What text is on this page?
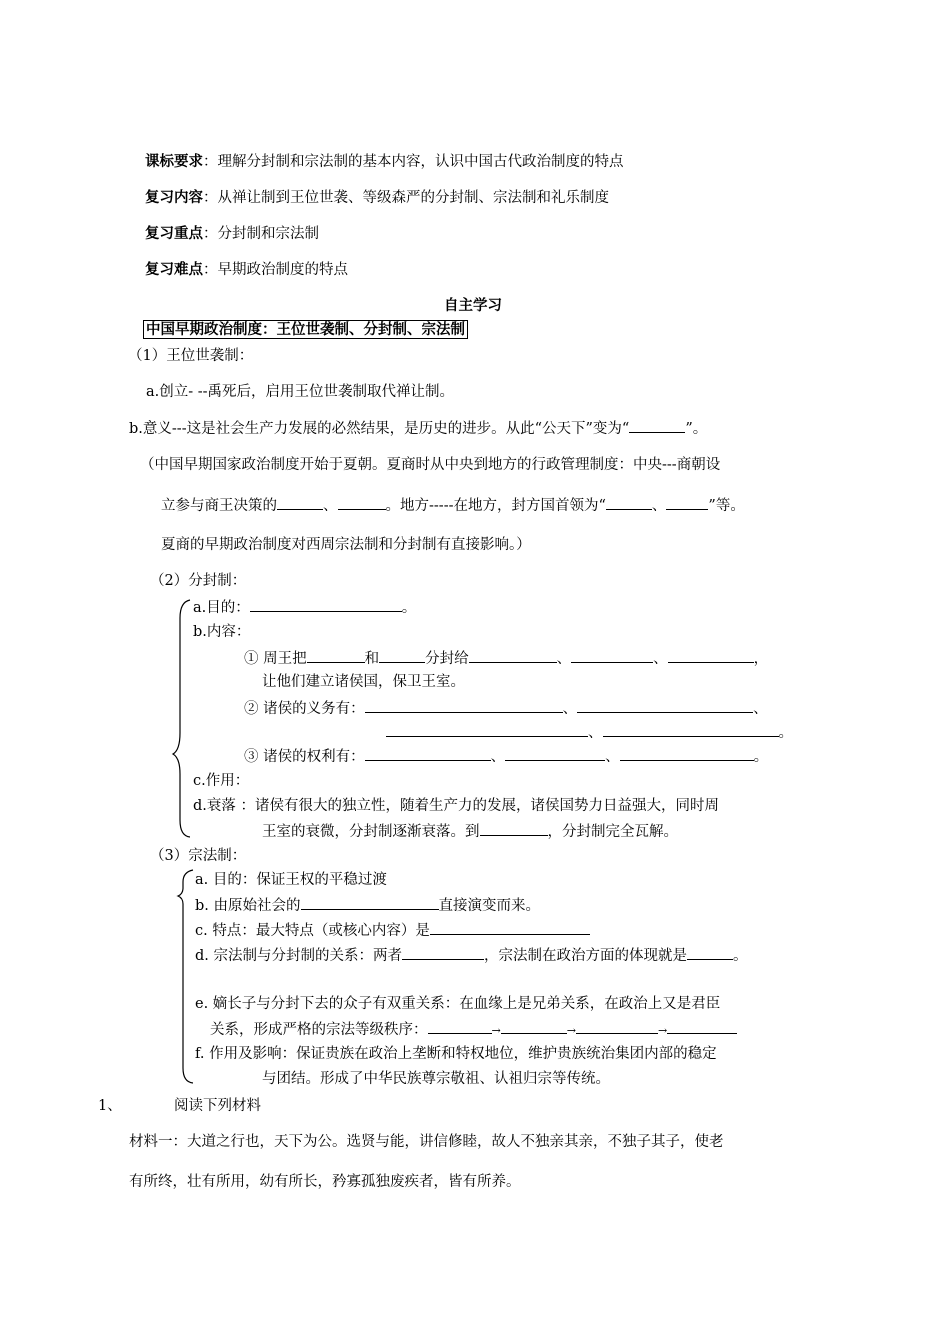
课标要求：理解分封制和宗法制的基本内容，认识中国古代政治制度的特点
复习内容：从禅让制到王位世袭、等级森严的分封制、宗法制和礼乐制度
复习重点：分封制和宗法制
复习难点：早期政治制度的特点
自主学习
中国早期政治制度：王位世袭制、分封制、宗法制
（1）王位世袭制：
a.创立- --禹死后，启用王位世袭制取代禅让制。
b.意义---这是社会生产力发展的必然结果，是历史的进步。从此“公天下”变为“	”。
（中国早期国家政治制度开始于夏朝。夏商时从中央到地方的行政管理制度：中央---商朝设
立参与商王决策的	、	。地方-----在地方，封方国首领为“	、	”等。
夏商的早期政治制度对西周宗法制和分封制有直接影响。）
（2）分封制：
a.目的：	。
b.内容：
① 周王把	和	分封给	、	、	，
让他们建立诸侯国，保卫王室。
② 诸侯的义务有：	、	、
、	。
③ 诸侯的权利有：	、	、	。
c.作用：
d.衰落 ：诸侯有很大的独立性，随着生产力的发展，诸侯国势力日益强大，同时周
王室的衰微，分封制逐渐衰落。到	，分封制完全瓦解。
（3）宗法制：
a. 目的：保证王权的平稳过渡
b. 由原始社会的	直接演变而来。
c. 特点：最大特点（或核心内容）是
d. 宗法制与分封制的关系：两者	，宗法制在政治方面的体现就是	。
e. 嫡长子与分封下去的众子有双重关系：在血缘上是兄弟关系，在政治上又是君臣
关系，形成严格的宗法等级秩序：	→	→	→
f. 作用及影响：保证贵族在政治上垄断和特权地位，维护贵族统治集团内部的稳定
与团结。形成了中华民族尊宗敬祖、认祖归宗等传统。
1、	阅读下列材料
材料一：大道之行也，天下为公。选贤与能，讲信修睦，故人不独亲其亲，不独子其子，使老
有所终，壮有所用，幼有所长，矜寡孤独废疾者，皆有所养。
